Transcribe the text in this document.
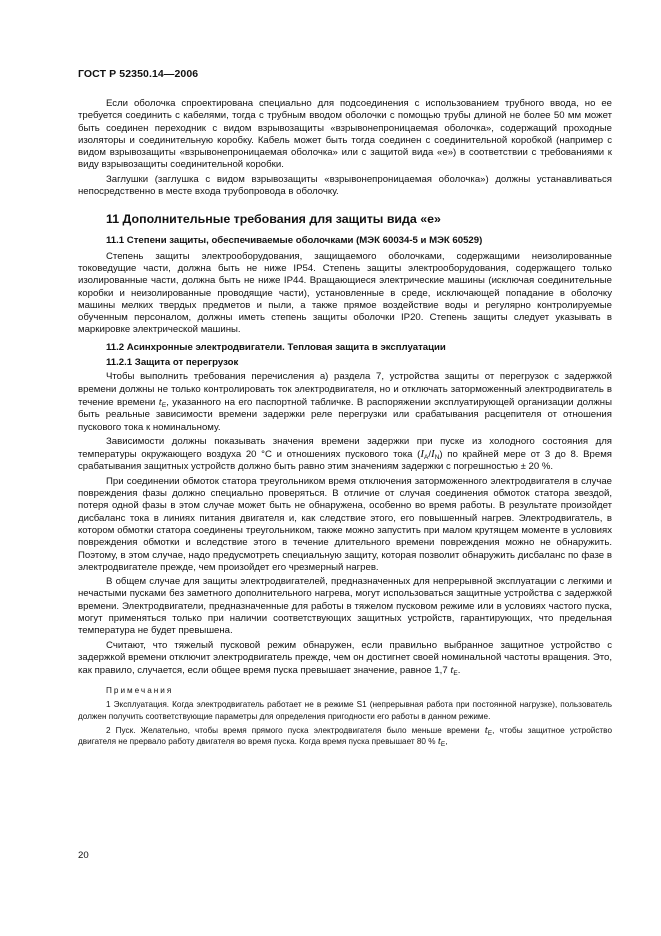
ГОСТ Р 52350.14—2006

Если оболочка спроектирована специально для подсоединения с использованием трубного ввода, но ее требуется соединить с кабелями, тогда с трубным вводом оболочки с помощью трубы длиной не более 50 мм может быть соединен переходник с видом взрывозащиты «взрывонепроницаемая оболочка», содержащий проходные изоляторы и соединительную коробку. Кабель может быть тогда соединен с соединительной коробкой (например с видом взрывозащиты «взрывонепроницаемая оболочка» или с защитой вида «е») в соответствии с требованиями к виду взрывозащиты соединительной коробки.

Заглушки (заглушка с видом взрывозащиты «взрывонепроницаемая оболочка») должны устанавливаться непосредственно в месте входа трубопровода в оболочку.

11 Дополнительные требования для защиты вида «е»
11.1 Степени защиты, обеспечиваемые оболочками (МЭК 60034-5 и МЭК 60529)

Степень защиты электрооборудования, защищаемого оболочками, содержащими неизолированные токоведущие части, должна быть не ниже IP54. Степень защиты электрооборудования, содержащего только изолированные части, должна быть не ниже IP44. Вращающиеся электрические машины (исключая соединительные коробки и неизолированные проводящие части), установленные в среде, исключающей попадание в оболочку машины мелких твердых предметов и пыли, а также прямое воздействие воды и регулярно контролируемые обученным персоналом, должны иметь степень защиты оболочки IP20. Степень защиты следует указывать в маркировке электрической машины.

11.2 Асинхронные электродвигатели. Тепловая защита в эксплуатации
11.2.1 Защита от перегрузок

Чтобы выполнить требования перечисления а) раздела 7, устройства защиты от перегрузок с задержкой времени должны не только контролировать ток электродвигателя, но и отключать заторможенный электродвигатель в течение времени $t_E$, указанного на его паспортной табличке. В распоряжении эксплуатирующей организации должны быть реальные зависимости времени задержки реле перегрузки или срабатывания расцепителя от отношения пускового тока к номинальному.

Зависимости должны показывать значения времени задержки при пуске из холодного состояния для температуры окружающего воздуха 20 °С и отношениях пускового тока $(I_A/I_N)$ по крайней мере от 3 до 8. Время срабатывания защитных устройств должно быть равно этим значениям задержки с погрешностью ± 20 %.

При соединении обмоток статора треугольником время отключения заторможенного электродвигателя в случае повреждения фазы должно специально проверяться. В отличие от случая соединения обмоток статора звездой, потеря одной фазы в этом случае может быть не обнаружена, особенно во время работы. В результате произойдет дисбаланс тока в линиях питания двигателя и, как следствие этого, его повышенный нагрев. Электродвигатель, в котором обмотки статора соединены треугольником, также можно запустить при малом крутящем моменте в условиях повреждения обмотки и вследствие этого в течение длительного времени повреждения можно не обнаружить. Поэтому, в этом случае, надо предусмотреть специальную защиту, которая позволит обнаружить дисбаланс по фазе в электродвигателе прежде, чем произойдет его чрезмерный нагрев.

В общем случае для защиты электродвигателей, предназначенных для непрерывной эксплуатации с легкими и нечастыми пусками без заметного дополнительного нагрева, могут использоваться защитные устройства с задержкой времени. Электродвигатели, предназначенные для работы в тяжелом пусковом режиме или в условиях частого пуска, могут применяться только при наличии соответствующих защитных устройств, гарантирующих, что предельная температура не будет превышена.

Считают, что тяжелый пусковой режим обнаружен, если правильно выбранное защитное устройство с задержкой времени отключит электродвигатель прежде, чем он достигнет своей номинальной частоты вращения. Это, как правило, случается, если общее время пуска превышает значение, равное 1,7 $t_E$.

Примечания
1 Эксплуатация. Когда электродвигатель работает не в режиме S1 (непрерывная работа при постоянной нагрузке), пользователь должен получить соответствующие параметры для определения пригодности его работы в данном режиме.
2 Пуск. Желательно, чтобы время прямого пуска электродвигателя было меньше времени $t_E$, чтобы защитное устройство двигателя не прервало работу двигателя во время пуска. Когда время пуска превышает 80 % $t_E$,
20
